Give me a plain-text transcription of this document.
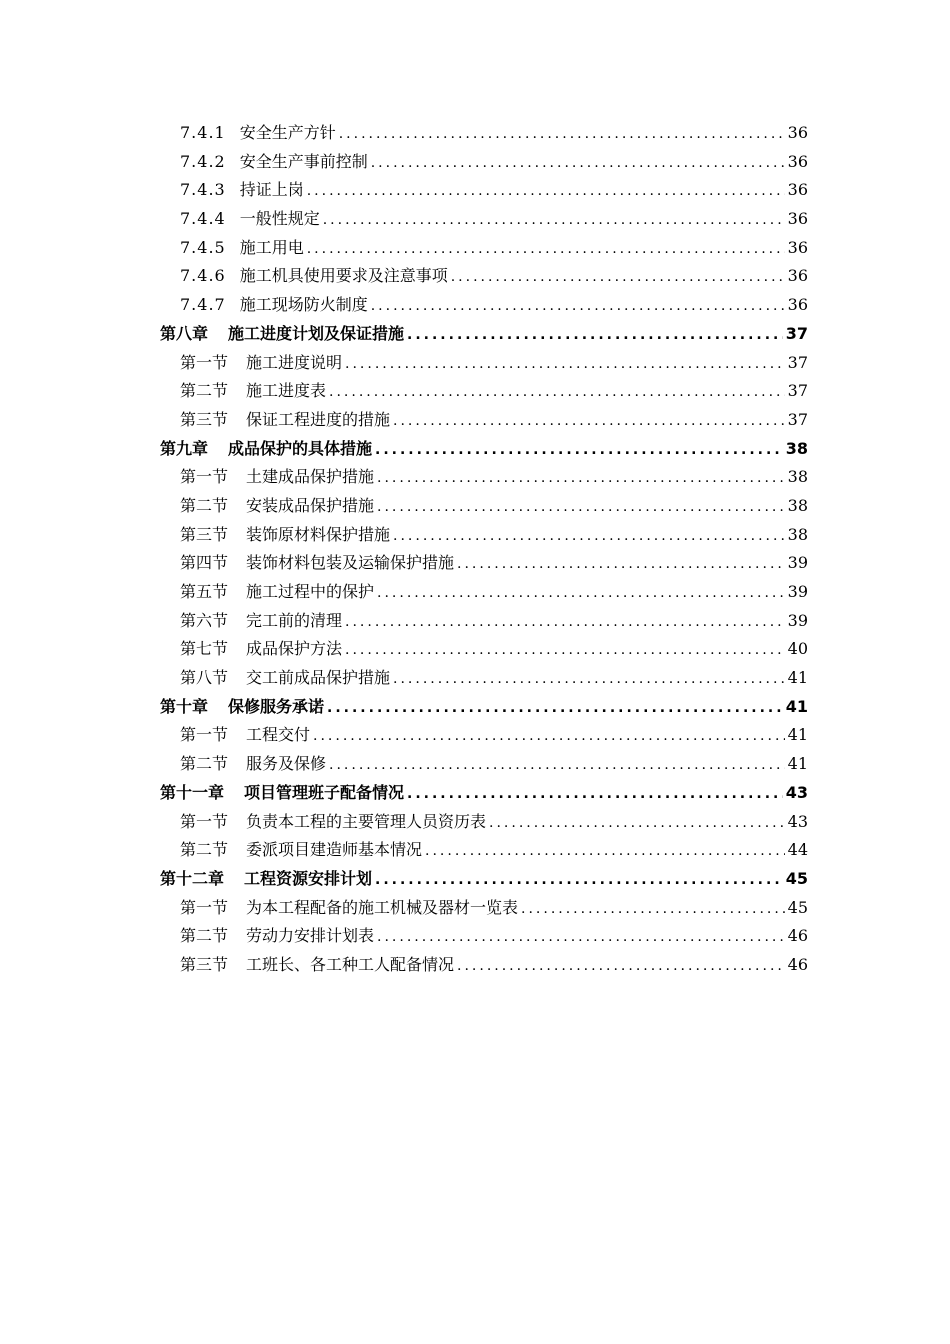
7.4.1 安全生产方针 .....	36
7.4.2 安全生产事前控制 .....	36
7.4.3 持证上岗 .....	36
7.4.4 一般性规定 .....	36
7.4.5 施工用电 .....	36
7.4.6 施工机具使用要求及注意事项 .....	36
7.4.7 施工现场防火制度 .....	36
第八章 施工进度计划及保证措施 .....	37
第一节 施工进度说明 .....	37
第二节 施工进度表 .....	37
第三节 保证工程进度的措施 .....	37
第九章 成品保护的具体措施 .....	38
第一节 土建成品保护措施 .....	38
第二节 安装成品保护措施 .....	38
第三节 装饰原材料保护措施 .....	38
第四节 装饰材料包装及运输保护措施 .....	39
第五节 施工过程中的保护 .....	39
第六节 完工前的清理 .....	39
第七节 成品保护方法 .....	40
第八节 交工前成品保护措施 .....	41
第十章 保修服务承诺 .....	41
第一节 工程交付 .....	41
第二节 服务及保修 .....	41
第十一章 项目管理班子配备情况 .....	43
第一节 负责本工程的主要管理人员资历表 .....	43
第二节 委派项目建造师基本情况 .....	44
第十二章 工程资源安排计划 .....	45
第一节 为本工程配备的施工机械及器材一览表 .....	45
第二节 劳动力安排计划表 .....	46
第三节 工班长、各工种工人配备情况 .....	46
